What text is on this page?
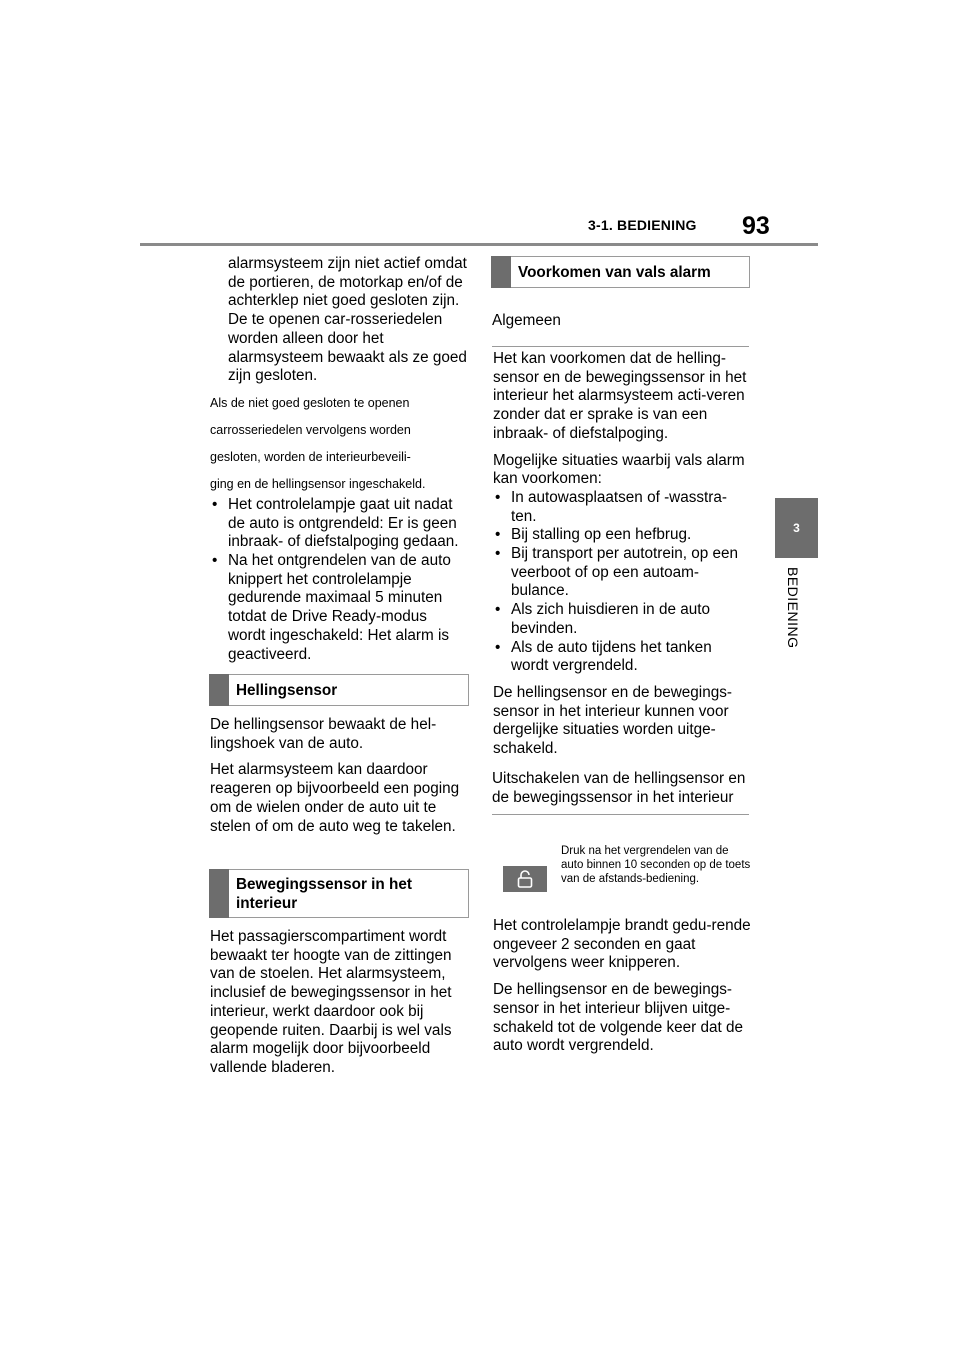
3-1. BEDIENING 93
3
BEDIENING

alarmsysteem zijn niet actief omdat de portieren, de motorkap en/of de achterklep niet goed gesloten zijn. De te openen car-rosseriedelen worden alleen door het alarmsysteem bewaakt als ze goed zijn gesloten.

Als de niet goed gesloten te openen

carrosseriedelen vervolgens worden

gesloten, worden de interieurbeveili-

ging en de hellingsensor ingeschakeld.

• Het controlelampje gaat uit nadat de auto is ontgrendeld: Er is geen inbraak- of diefstalpoging gedaan.
• Na het ontgrendelen van de auto knippert het controlelampje gedurende maximaal 5 minuten totdat de Drive Ready-modus wordt ingeschakeld: Het alarm is geactiveerd.
Hellingsensor

De hellingsensor bewaakt de hel-lingshoek van de auto.

Het alarmsysteem kan daardoor reageren op bijvoorbeeld een poging om de wielen onder de auto uit te stelen of om de auto weg te takelen.

Bewegingssensor in het interieur

Het passagierscompartiment wordt bewaakt ter hoogte van de zittingen van de stoelen. Het alarmsysteem, inclusief de bewegingssensor in het interieur, werkt daardoor ook bij geopende ruiten. Daarbij is wel vals alarm mogelijk door bijvoorbeeld vallende bladeren.

Voorkomen van vals alarm
Algemeen

Het kan voorkomen dat de helling-sensor en de bewegingssensor in het interieur het alarmsysteem acti-veren zonder dat er sprake is van een inbraak- of diefstalpoging.

Mogelijke situaties waarbij vals alarm kan voorkomen:

• In autowasplaatsen of -wasstra-ten.
• Bij stalling op een hefbrug.
• Bij transport per autotrein, op een veerboot of op een autoam-bulance.
• Als zich huisdieren in de auto bevinden.
• Als de auto tijdens het tanken wordt vergrendeld.

De hellingsensor en de bewegings-sensor in het interieur kunnen voor dergelijke situaties worden uitge-schakeld.

Uitschakelen van de hellingsensor en de bewegingssensor in het interieur
Druk na het vergrendelen van de auto binnen 10 seconden op de toets van de afstands-bediening.

Het controlelampje brandt gedu-rende ongeveer 2 seconden en gaat vervolgens weer knipperen.

De hellingsensor en de bewegings-sensor in het interieur blijven uitge-schakeld tot de volgende keer dat de auto wordt vergrendeld.
